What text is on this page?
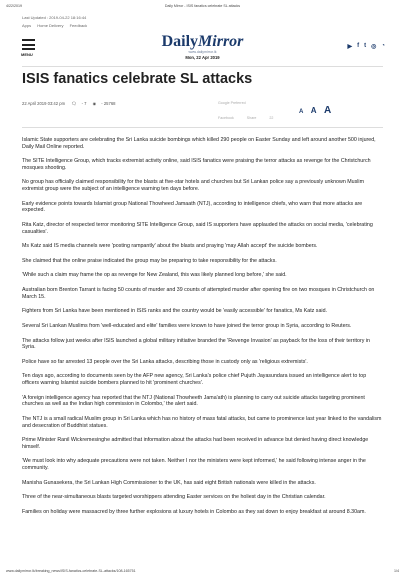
4/22/2019	Daily Mirror - ISIS fanatics celebrate SL attacks
Last Updated : 2019-04-22 18:16:44
Apps Home Delivery Feedback
MENU
DailyMirror
www.dailymirror.lk
Mon, 22 Apr 2019
▶ f t ◎ ◔
ISIS fanatics celebrate SL attacks
22 April 2019 03:42 pm 🗨 - 7 ◉ - 25768	Google Preferred
Facebook	Share	22
A A A

Islamic State supporters are celebrating the Sri Lanka suicide bombings which killed 290 people on Easter Sunday and left around another 500 injured, Daily Mail Online reported.

The SITE Intelligence Group, which tracks extremist activity online, said ISIS fanatics were praising the terror attacks as revenge for the Christchurch mosques shooting.

No group has officially claimed responsibility for the blasts at five-star hotels and churches but Sri Lankan police say a previously unknown Muslim extremist group were the subject of an intelligence warning ten days before.

Early evidence points towards Islamist group National Thowheed Jamaath (NTJ), according to intelligence chiefs, who warn that more attacks are expected.

Rita Katz, director of respected terror monitoring SITE Intelligence Group, said IS supporters have applauded the attacks on social media, 'celebrating casualties'.

Ms Katz said IS media channels were 'posting rampantly' about the blasts and praying 'may Allah accept' the suicide bombers.

She claimed that the online praise indicated the group may be preparing to take responsibility for the attacks.

'While such a claim may frame the op as revenge for New Zealand, this was likely planned long before,' she said.

Australian born Brenton Tarrant is facing 50 counts of murder and 39 counts of attempted murder after opening fire on two mosques in Christchurch on March 15.

Fighters from Sri Lanka have been mentioned in ISIS ranks and the country would be 'easily accessible' for fanatics, Ms Katz said.

Several Sri Lankan Muslims from 'well-educated and elite' families were known to have joined the terror group in Syria, according to Reuters.

The attacks follow just weeks after ISIS launched a global military initiative branded the 'Revenge Invasion' as payback for the loss of their territory in Syria.

Police have so far arrested 13 people over the Sri Lanka attacks, describing those in custody only as 'religious extremists'.

Ten days ago, according to documents seen by the AFP new agency, Sri Lanka's police chief Pujuth Jayasundara issued an intelligence alert to top officers warning Islamist suicide bombers planned to hit 'prominent churches'.

'A foreign intelligence agency has reported that the NTJ (National Thowheeth Jama'ath) is planning to carry out suicide attacks targeting prominent churches as well as the Indian high commission in Colombo,' the alert said.

The NTJ is a small radical Muslim group in Sri Lanka which has no history of mass fatal attacks, but came to prominence last year linked to the vandalism and desecration of Buddhist statues.

Prime Minister Ranil Wickremesinghe admitted that information about the attacks had been received in advance but denied having direct knowledge himself.

'We must look into why adequate precautions were not taken. Neither I nor the ministers were kept informed,' he said following intense anger in the community.

Manisha Gunasekera, the Sri Lankan High Commissioner to the UK, has said eight British nationals were killed in the attacks.

Three of the near-simultaneous blasts targeted worshippers attending Easter services on the holiest day in the Christian calendar.

Families on holiday were massacred by three further explosions at luxury hotels in Colombo as they sat down to enjoy breakfast at around 8.30am.

www.dailymirror.lk/breaking_news/ISIS-fanatics-celebrate-SL-attacks/108-165751	1/4
